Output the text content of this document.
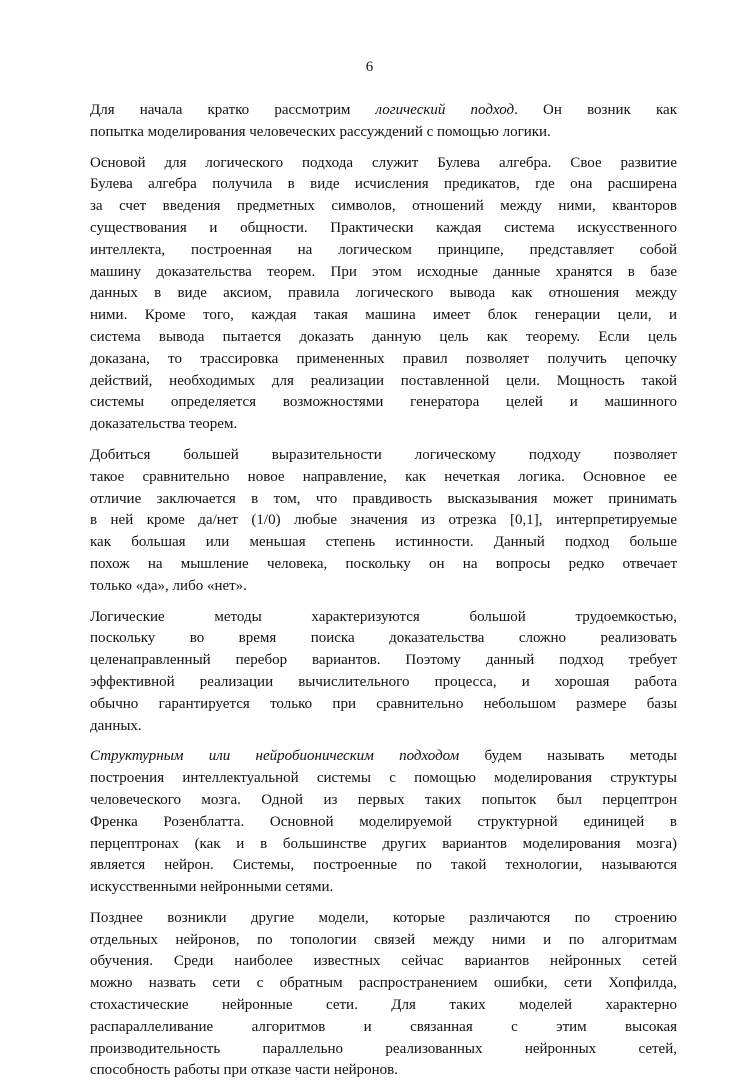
6
Для начала кратко рассмотрим логический подход. Он возник как
попытка моделирования человеческих рассуждений с помощью логики.
Основой для логического подхода служит Булева алгебра. Свое развитие
Булева алгебра получила в виде исчисления предикатов, где она расширена
за счет введения предметных символов, отношений между ними, кванторов
существования и общности. Практически каждая система искусственного
интеллекта, построенная на логическом принципе, представляет собой
машину доказательства теорем. При этом исходные данные хранятся в базе
данных в виде аксиом, правила логического вывода как отношения между
ними. Кроме того, каждая такая машина имеет блок генерации цели, и
система вывода пытается доказать данную цель как теорему. Если цель
доказана, то трассировка примененных правил позволяет получить цепочку
действий, необходимых для реализации поставленной цели. Мощность такой
системы определяется возможностями генератора целей и машинного
доказательства теорем.
Добиться большей выразительности логическому подходу позволяет
такое сравнительно новое направление, как нечеткая логика. Основное ее
отличие заключается в том, что правдивость высказывания может принимать
в ней кроме да/нет (1/0) любые значения из отрезка [0,1], интерпретируемые
как большая или меньшая степень истинности. Данный подход больше
похож на мышление человека, поскольку он на вопросы редко отвечает
только «да», либо «нет».
Логические методы характеризуются большой трудоемкостью,
поскольку во время поиска доказательства сложно реализовать
целенаправленный перебор вариантов. Поэтому данный подход требует
эффективной реализации вычислительного процесса, и хорошая работа
обычно гарантируется только при сравнительно небольшом размере базы
данных.
Структурным или нейробионическим подходом будем называть методы
построения интеллектуальной системы с помощью моделирования структуры
человеческого мозга. Одной из первых таких попыток был перцептрон
Френка Розенблатта. Основной моделируемой структурной единицей в
перцептронах (как и в большинстве других вариантов моделирования мозга)
является нейрон. Системы, построенные по такой технологии, называются
искусственными нейронными сетями.
Позднее возникли другие модели, которые различаются по строению
отдельных нейронов, по топологии связей между ними и по алгоритмам
обучения. Среди наиболее известных сейчас вариантов нейронных сетей
можно назвать сети с обратным распространением ошибки, сети Хопфилда,
стохастические нейронные сети. Для таких моделей характерно
распараллеливание алгоритмов и связанная с этим высокая
производительность параллельно реализованных нейронных сетей,
способность работы при отказе части нейронов.
